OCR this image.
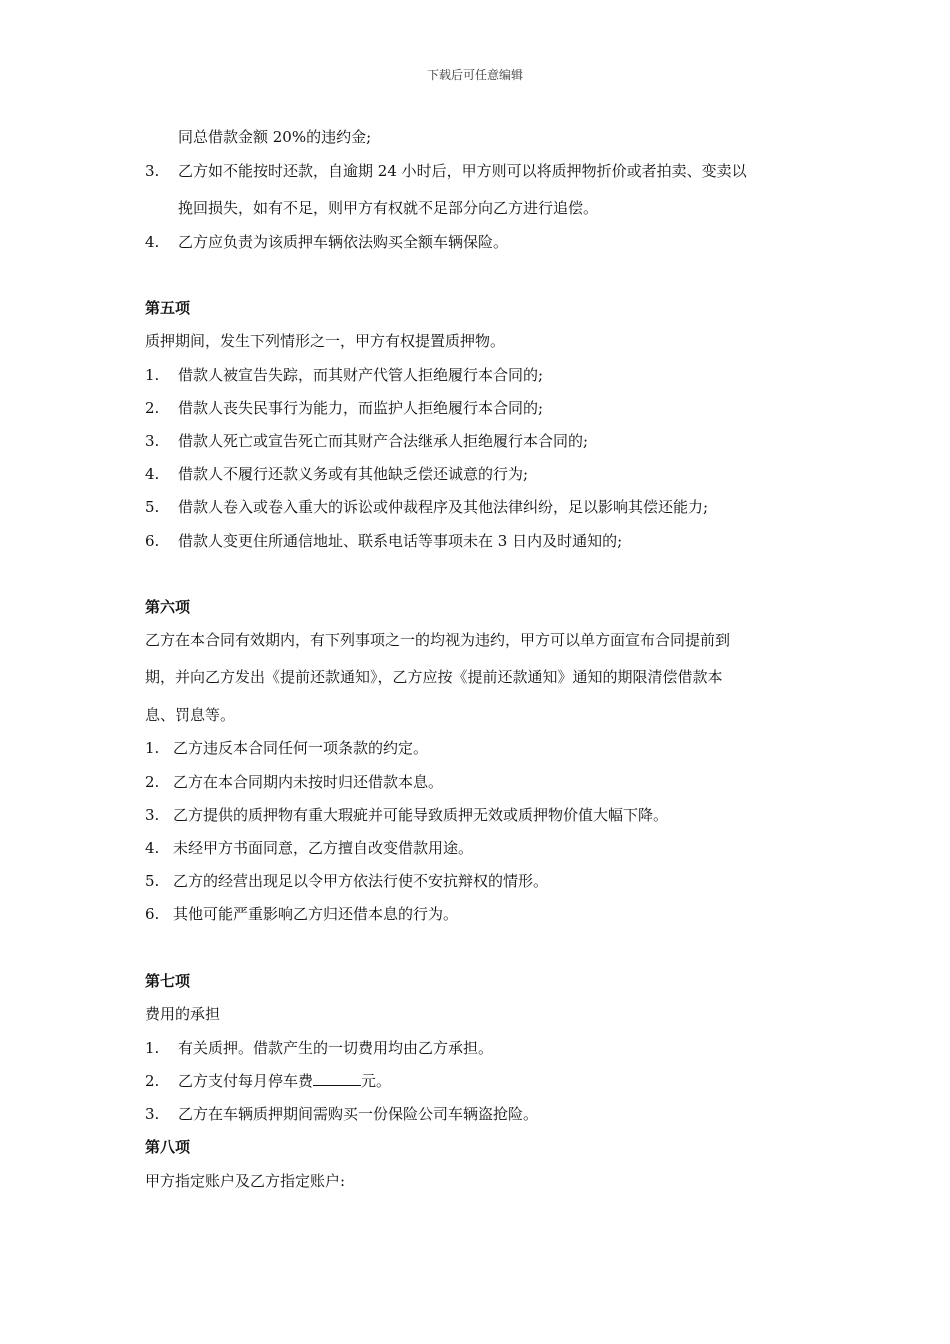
下载后可任意编辑
同总借款金额 20%的违约金;
3. 乙方如不能按时还款，自逾期 24 小时后，甲方则可以将质押物折价或者拍卖、变卖以
挽回损失，如有不足，则甲方有权就不足部分向乙方进行追偿。
4. 乙方应负责为该质押车辆依法购买全额车辆保险。
第五项
质押期间，发生下列情形之一，甲方有权提置质押物。
1. 借款人被宣告失踪，而其财产代管人拒绝履行本合同的;
2. 借款人丧失民事行为能力，而监护人拒绝履行本合同的;
3. 借款人死亡或宣告死亡而其财产合法继承人拒绝履行本合同的;
4. 借款人不履行还款义务或有其他缺乏偿还诚意的行为;
5. 借款人卷入或卷入重大的诉讼或仲裁程序及其他法律纠纷，足以影响其偿还能力;
6. 借款人变更住所通信地址、联系电话等事项未在 3 日内及时通知的;
第六项
乙方在本合同有效期内，有下列事项之一的均视为违约，甲方可以单方面宣布合同提前到
期，并向乙方发出《提前还款通知》，乙方应按《提前还款通知》通知的期限清偿借款本
息、罚息等。
1. 乙方违反本合同任何一项条款的约定。
2. 乙方在本合同期内未按时归还借款本息。
3. 乙方提供的质押物有重大瑕疵并可能导致质押无效或质押物价值大幅下降。
4. 未经甲方书面同意，乙方擅自改变借款用途。
5. 乙方的经营出现足以令甲方依法行使不安抗辩权的情形。
6. 其他可能严重影响乙方归还借本息的行为。
第七项
费用的承担
1. 有关质押。借款产生的一切费用均由乙方承担。
2. 乙方支付每月停车费	元。
3. 乙方在车辆质押期间需购买一份保险公司车辆盗抢险。
第八项
甲方指定账户及乙方指定账户:
